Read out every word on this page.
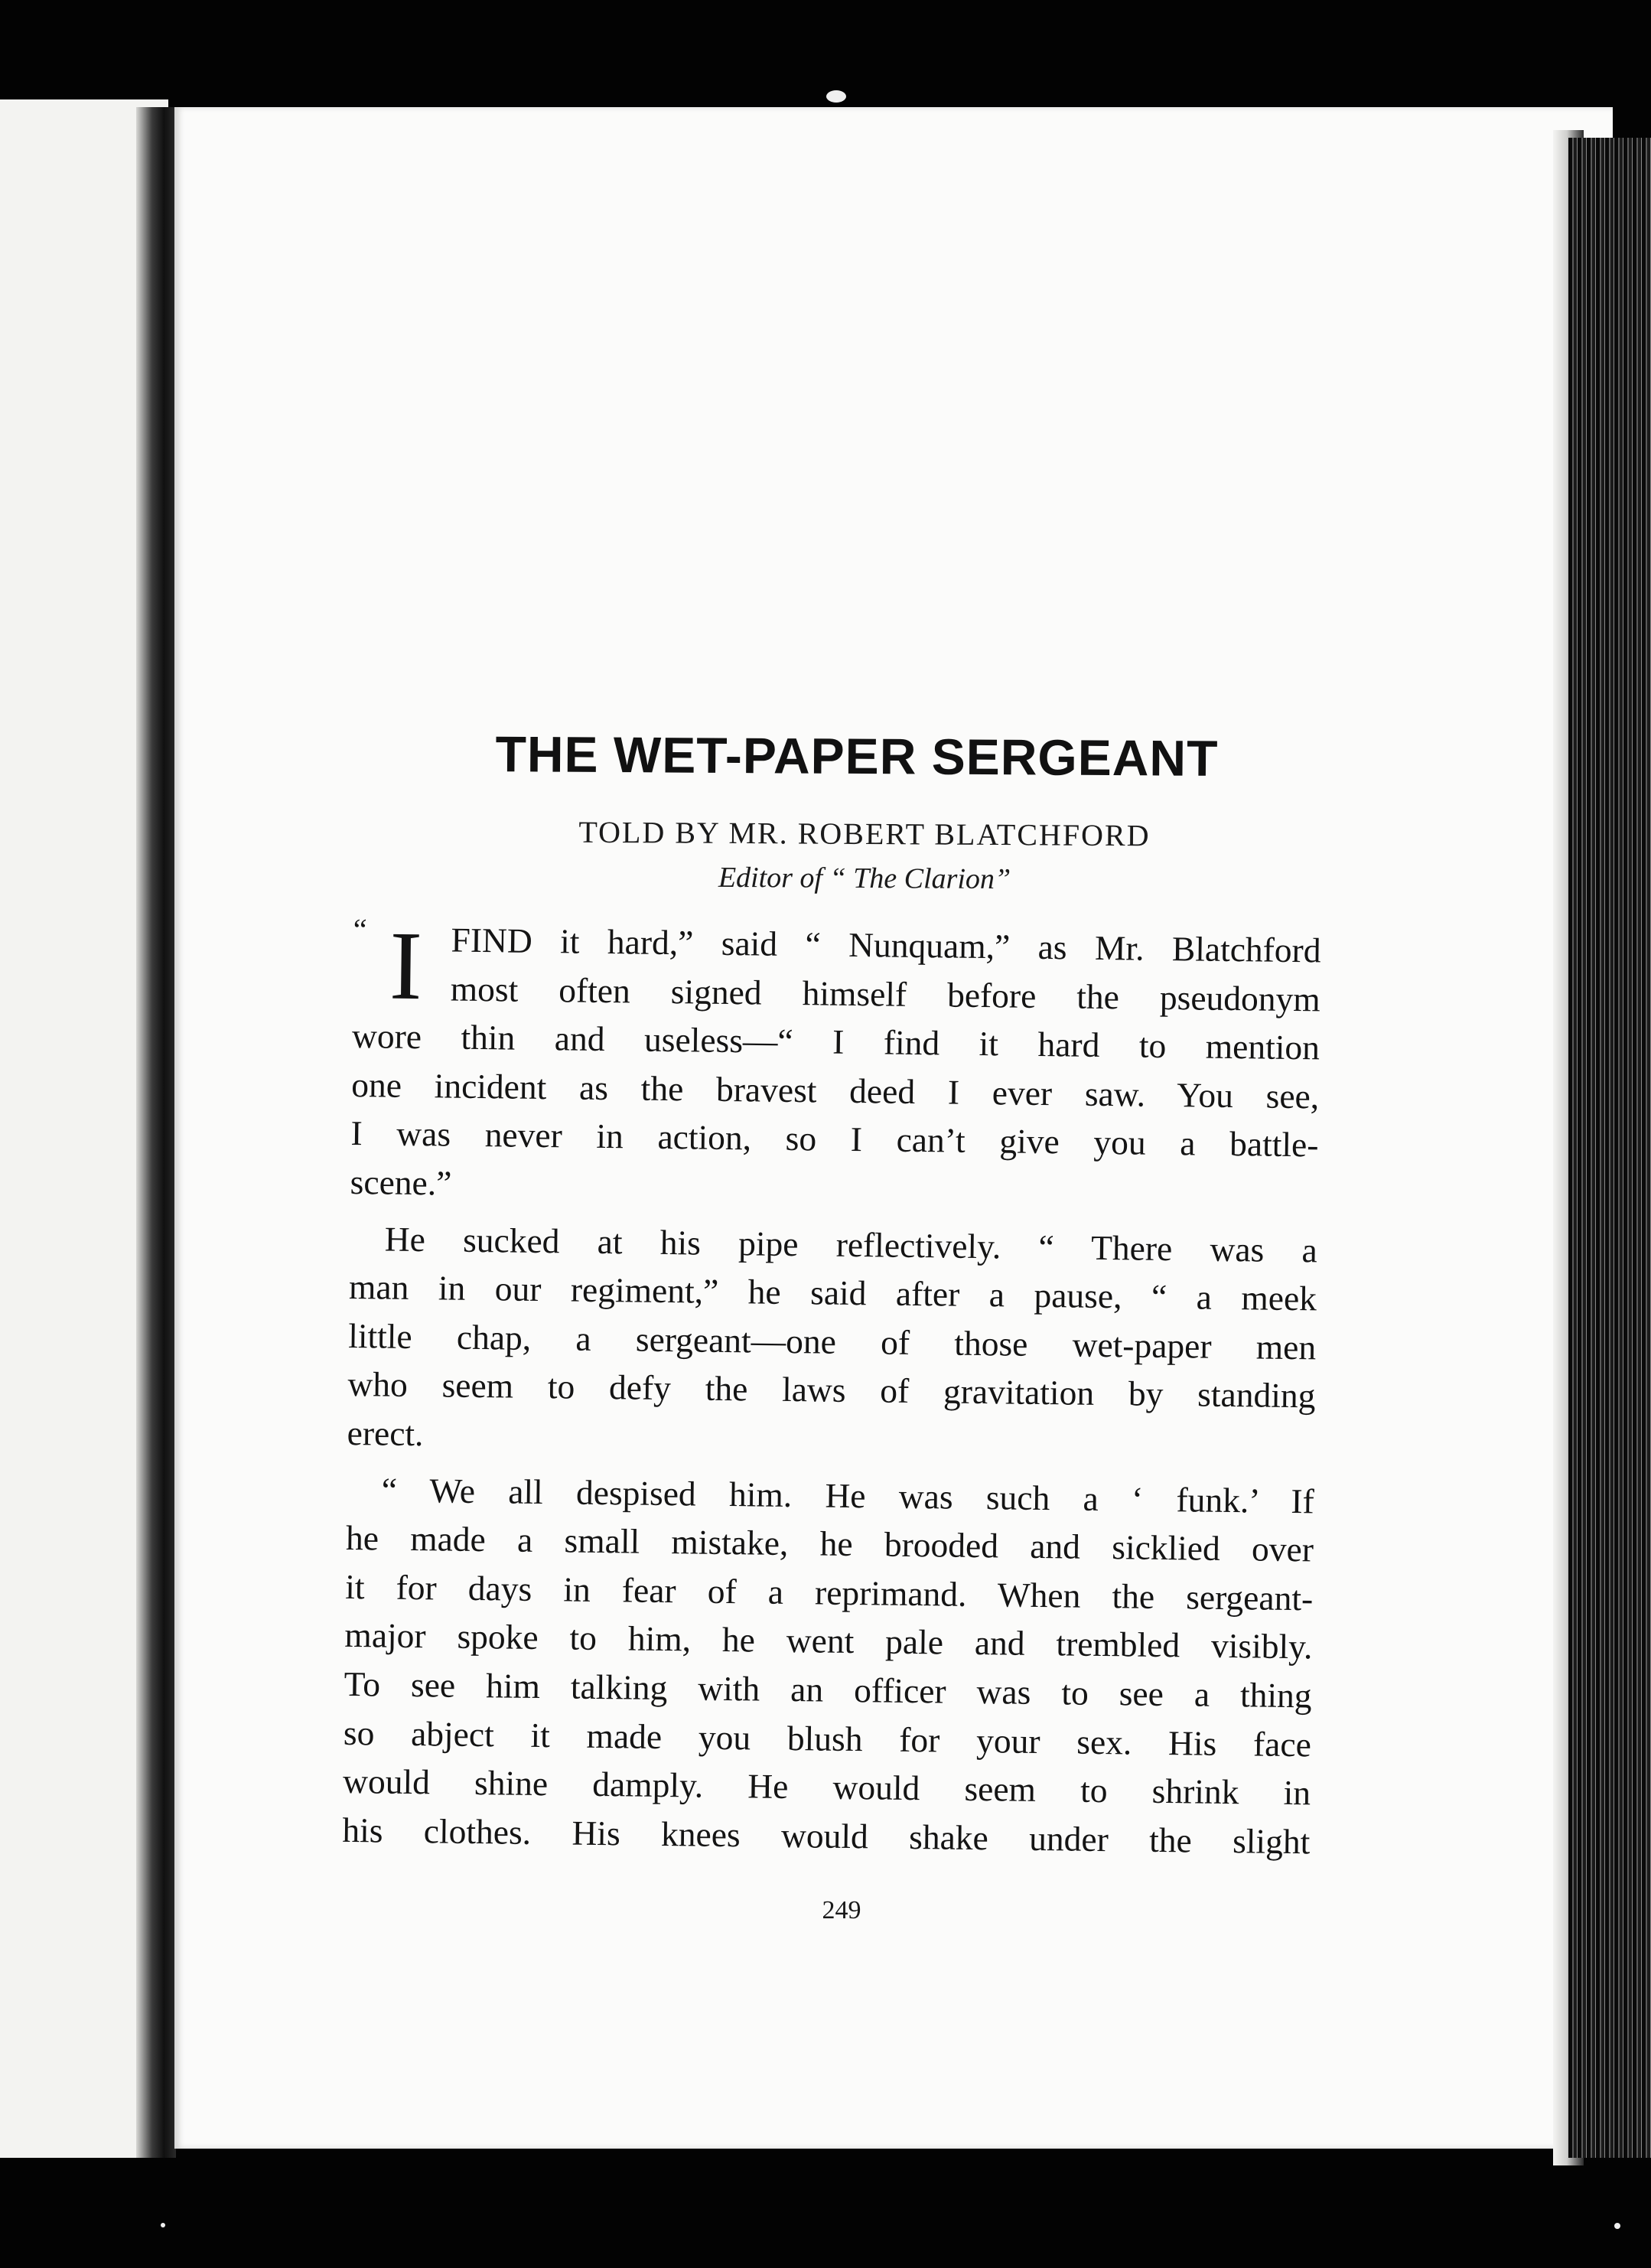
THE WET-PAPER SERGEANT
TOLD BY MR. ROBERT BLATCHFORD
Editor of “ The Clarion”
“ I FIND it hard,” said “ Nunquam,” as Mr. Blatchford
most often signed himself before the pseudonym
wore thin and useless—“ I find it hard to mention
one incident as the bravest deed I ever saw. You see,
I was never in action, so I can’t give you a battle-
scene.”
He sucked at his pipe reflectively. “ There was a
man in our regiment,” he said after a pause, “ a meek
little chap, a sergeant—one of those wet-paper men
who seem to defy the laws of gravitation by standing
erect.
“ We all despised him. He was such a ‘ funk.’ If
he made a small mistake, he brooded and sicklied over
it for days in fear of a reprimand. When the sergeant-
major spoke to him, he went pale and trembled visibly.
To see him talking with an officer was to see a thing
so abject it made you blush for your sex. His face
would shine damply. He would seem to shrink in
his clothes. His knees would shake under the slight
249
